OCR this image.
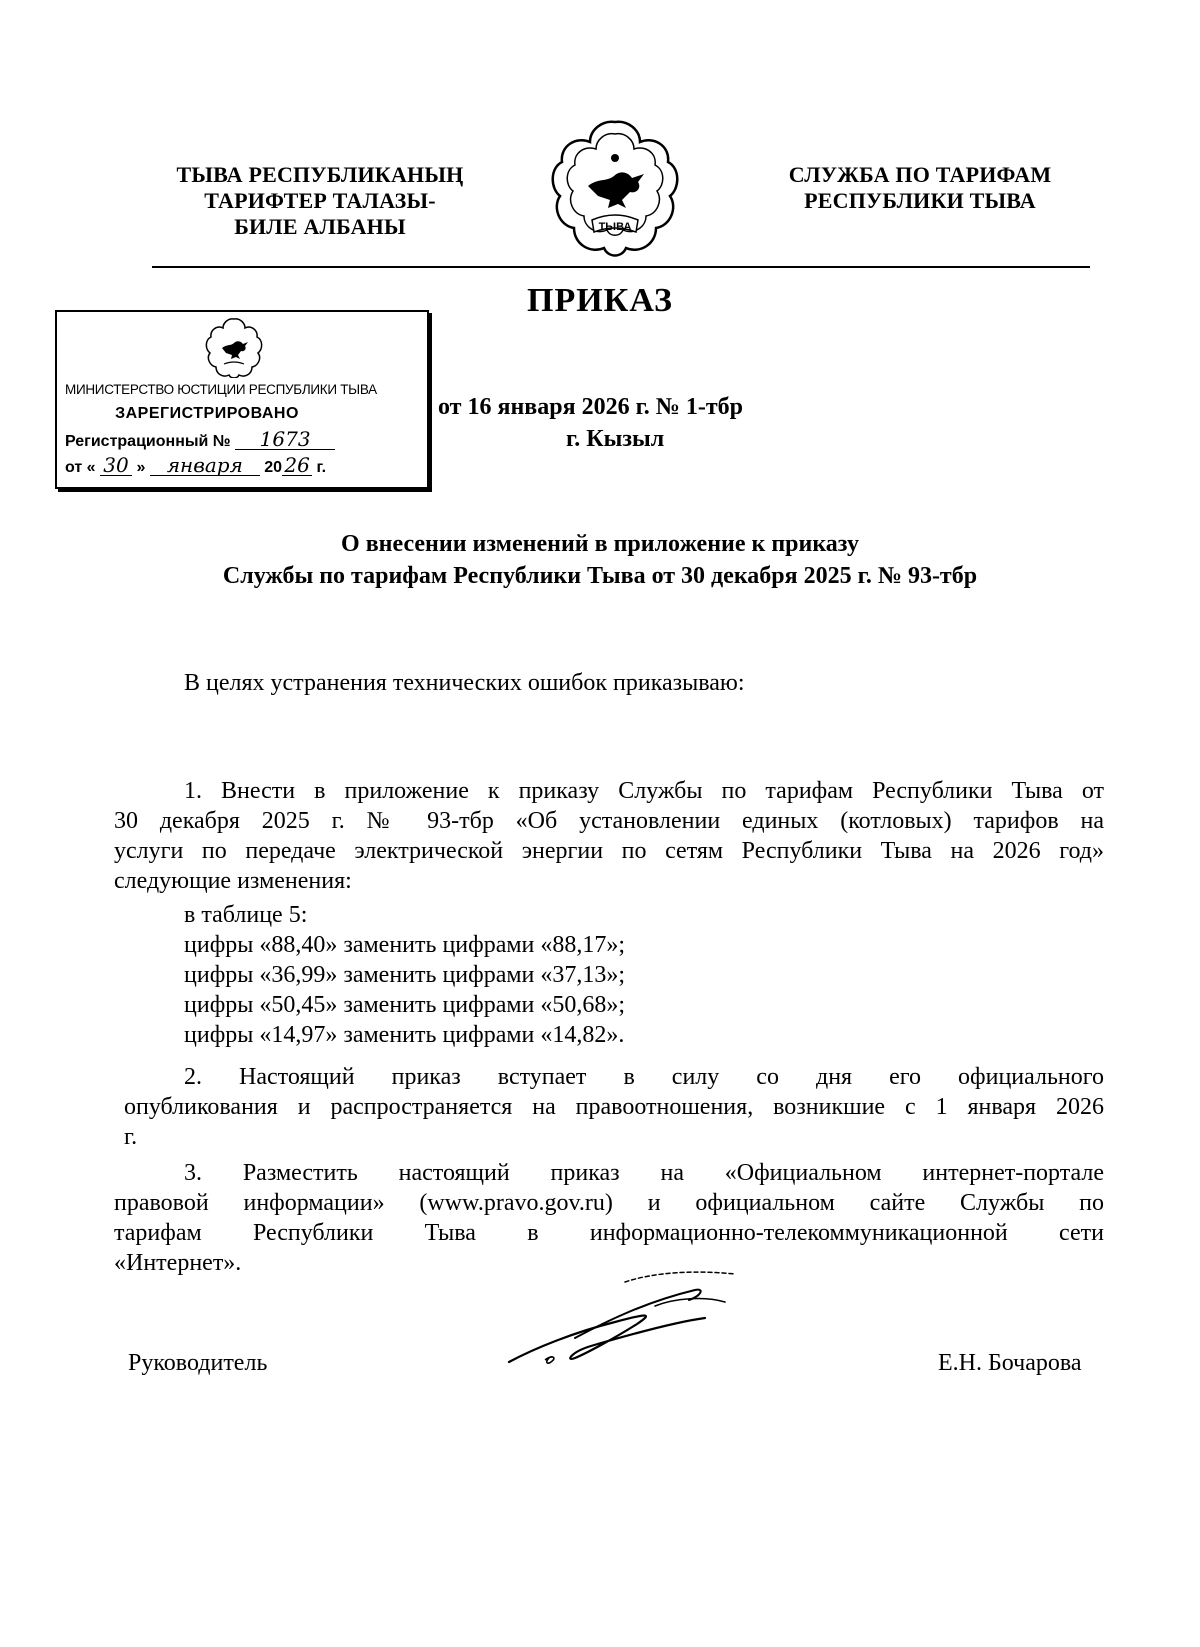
ТЫВА РЕСПУБЛИКАНЫҢ
ТАРИФТЕР ТАЛАЗЫ-
БИЛЕ АЛБАНЫ	ТЫВА
СЛУЖБА ПО ТАРИФАМ
РЕСПУБЛИКИ ТЫВА
ПРИКАЗ
МИНИСТЕРСТВО ЮСТИЦИИ РЕСПУБЛИКИ ТЫВА
ЗАРЕГИСТРИРОВАНО
Регистрационный № 1673
от « 30 » января 20 26 г.
от 16 января 2026 г. № 1-тбр
г. Кызыл
О внесении изменений в приложение к приказу
Службы по тарифам Республики Тыва от 30 декабря 2025 г. № 93-тбр
В целях устранения технических ошибок приказываю:
1. Внести в приложение к приказу Службы по тарифам Республики Тыва от
30 декабря 2025 г. № 93-тбр «Об установлении единых (котловых) тарифов на
услуги по передаче электрической энергии по сетям Республики Тыва на 2026 год»
следующие изменения:
в таблице 5:
цифры «88,40» заменить цифрами «88,17»;
цифры «36,99» заменить цифрами «37,13»;
цифры «50,45» заменить цифрами «50,68»;
цифры «14,97» заменить цифрами «14,82».
2. Настоящий приказ вступает в силу со дня его официального
опубликования и распространяется на правоотношения, возникшие с 1 января 2026
г.
3. Разместить настоящий приказ на «Официальном интернет-портале
правовой информации» (www.pravo.gov.ru) и официальном сайте Службы по
тарифам Республики Тыва в информационно-телекоммуникационной сети
«Интернет».
Руководитель	Е.Н. Бочарова
